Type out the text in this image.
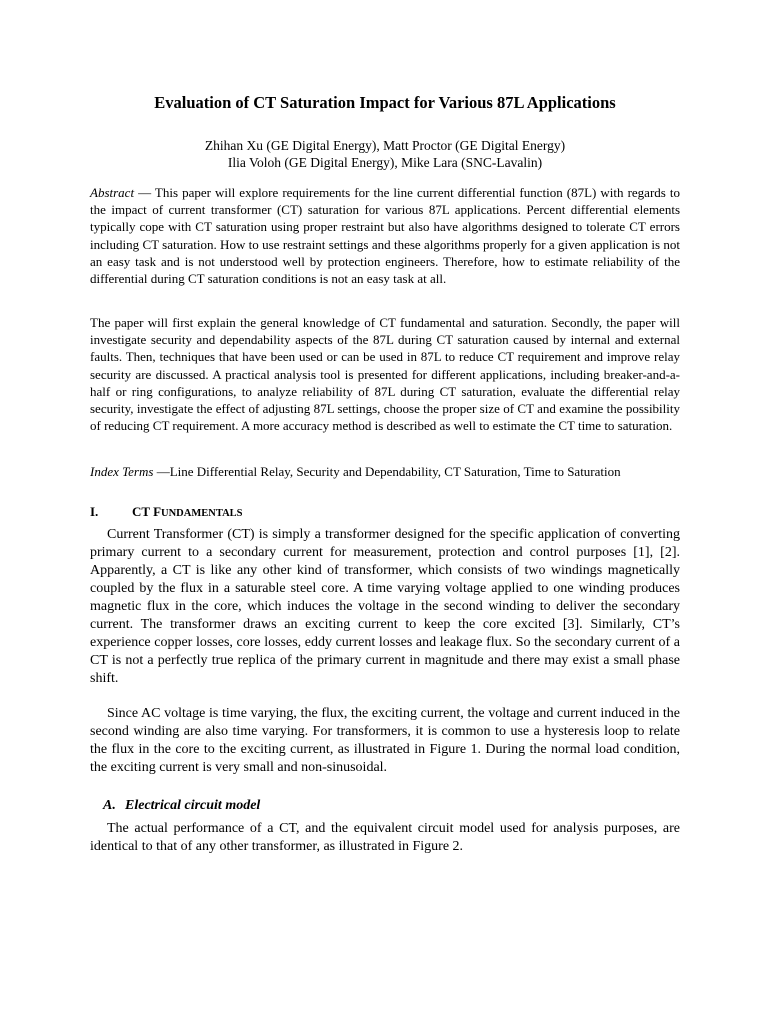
Evaluation of CT Saturation Impact for Various 87L Applications
Zhihan Xu (GE Digital Energy), Matt Proctor (GE Digital Energy)
Ilia Voloh (GE Digital Energy), Mike Lara (SNC-Lavalin)

Abstract — This paper will explore requirements for the line current differential function (87L) with regards to the impact of current transformer (CT) saturation for various 87L applications. Percent differential elements typically cope with CT saturation using proper restraint but also have algorithms designed to tolerate CT errors including CT saturation. How to use restraint settings and these algorithms properly for a given application is not an easy task and is not understood well by protection engineers. Therefore, how to estimate reliability of the differential during CT saturation conditions is not an easy task at all.

The paper will first explain the general knowledge of CT fundamental and saturation. Secondly, the paper will investigate security and dependability aspects of the 87L during CT saturation caused by internal and external faults. Then, techniques that have been used or can be used in 87L to reduce CT requirement and improve relay security are discussed. A practical analysis tool is presented for different applications, including breaker-and-a-half or ring configurations, to analyze reliability of 87L during CT saturation, evaluate the differential relay security, investigate the effect of adjusting 87L settings, choose the proper size of CT and examine the possibility of reducing CT requirement. A more accuracy method is described as well to estimate the CT time to saturation.

Index Terms —Line Differential Relay, Security and Dependability, CT Saturation, Time to Saturation

I.	CT FUNDAMENTALS

Current Transformer (CT) is simply a transformer designed for the specific application of converting primary current to a secondary current for measurement, protection and control purposes [1], [2]. Apparently, a CT is like any other kind of transformer, which consists of two windings magnetically coupled by the flux in a saturable steel core. A time varying voltage applied to one winding produces magnetic flux in the core, which induces the voltage in the second winding to deliver the secondary current. The transformer draws an exciting current to keep the core excited [3]. Similarly, CT’s experience copper losses, core losses, eddy current losses and leakage flux. So the secondary current of a CT is not a perfectly true replica of the primary current in magnitude and there may exist a small phase shift.

Since AC voltage is time varying, the flux, the exciting current, the voltage and current induced in the second winding are also time varying. For transformers, it is common to use a hysteresis loop to relate the flux in the core to the exciting current, as illustrated in Figure 1. During the normal load condition, the exciting current is very small and non-sinusoidal.

A. Electrical circuit model

The actual performance of a CT, and the equivalent circuit model used for analysis purposes, are identical to that of any other transformer, as illustrated in Figure 2.
